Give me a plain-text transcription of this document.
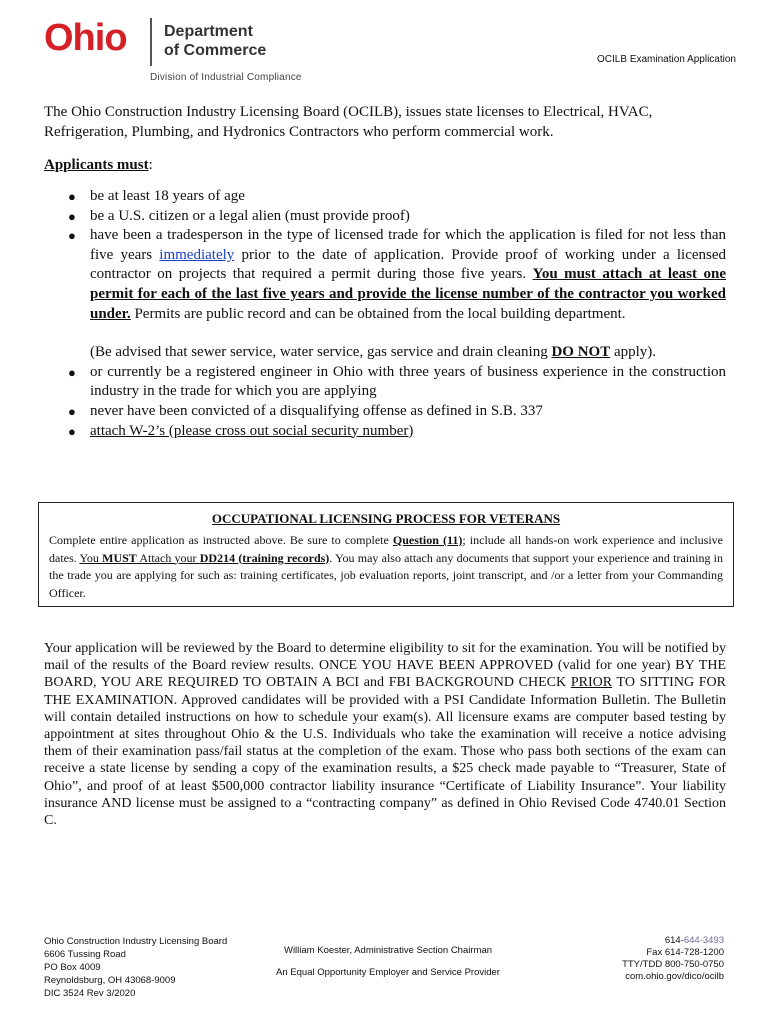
Ohio	Department
of Commerce
Division of Industrial Compliance
OCILB Examination Application

The Ohio Construction Industry Licensing Board (OCILB), issues state licenses to Electrical, HVAC, Refrigeration, Plumbing, and Hydronics Contractors who perform commercial work.

Applicants must:
● be at least 18 years of age
● be a U.S. citizen or a legal alien (must provide proof)
● have been a tradesperson in the type of licensed trade for which the application is filed for not less than five years immediately prior to the date of application. Provide proof of working under a licensed contractor on projects that required a permit during those five years. You must attach at least one permit for each of the last five years and provide the license number of the contractor you worked under. Permits are public record and can be obtained from the local building department.
(Be advised that sewer service, water service, gas service and drain cleaning DO NOT apply).
● or currently be a registered engineer in Ohio with three years of business experience in the construction industry in the trade for which you are applying
● never have been convicted of a disqualifying offense as defined in S.B. 337
● attach W-2’s (please cross out social security number)
OCCUPATIONAL LICENSING PROCESS FOR VETERANS
Complete entire application as instructed above. Be sure to complete Question (11); include all hands-on work experience and inclusive dates. You MUST Attach your DD214 (training records). You may also attach any documents that support your experience and training in the trade you are applying for such as: training certificates, job evaluation reports, joint transcript, and /or a letter from your Commanding Officer.

Your application will be reviewed by the Board to determine eligibility to sit for the examination. You will be notified by mail of the results of the Board review results. ONCE YOU HAVE BEEN APPROVED (valid for one year) BY THE BOARD, YOU ARE REQUIRED TO OBTAIN A BCI and FBI BACKGROUND CHECK PRIOR TO SITTING FOR THE EXAMINATION. Approved candidates will be provided with a PSI Candidate Information Bulletin. The Bulletin will contain detailed instructions on how to schedule your exam(s). All licensure exams are computer based testing by appointment at sites throughout Ohio & the U.S. Individuals who take the examination will receive a notice advising them of their examination pass/fail status at the completion of the exam. Those who pass both sections of the exam can receive a state license by sending a copy of the examination results, a $25 check made payable to “Treasurer, State of Ohio”, and proof of at least $500,000 contractor liability insurance “Certificate of Liability Insurance”. Your liability insurance AND license must be assigned to a “contracting company” as defined in Ohio Revised Code 4740.01 Section C.

Ohio Construction Industry Licensing Board
6606 Tussing Road
PO Box 4009
Reynoldsburg, OH 43068-9009
DIC 3524 Rev 3/2020
William Koester, Administrative Section Chairman
An Equal Opportunity Employer and Service Provider
614-644-3493
Fax 614-728-1200
TTY/TDD 800-750-0750
com.ohio.gov/dico/ocilb
